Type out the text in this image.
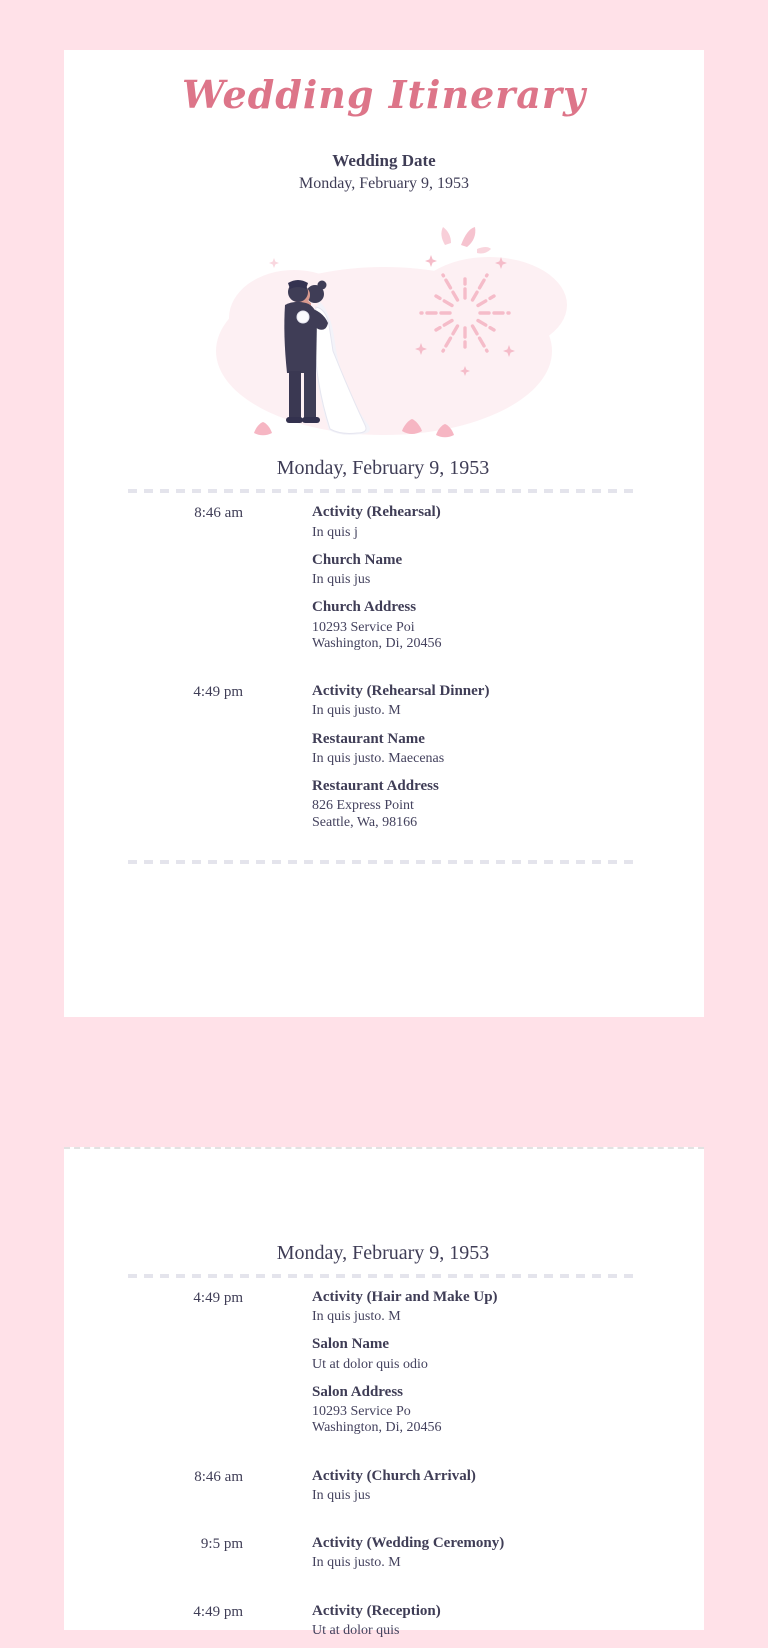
Wedding Itinerary
Wedding Date
Monday, February 9, 1953
Monday, February 9, 1953
8:46 am	Activity (Rehearsal)
In quis j
Church Name
In quis jus
Church Address
10293 Service Poi
Washington, Di, 20456
4:49 pm	Activity (Rehearsal Dinner)
In quis justo. M
Restaurant Name
In quis justo. Maecenas
Restaurant Address
826 Express Point
Seattle, Wa, 98166
Monday, February 9, 1953
4:49 pm	Activity (Hair and Make Up)
In quis justo. M
Salon Name
Ut at dolor quis odio
Salon Address
10293 Service Po
Washington, Di, 20456
8:46 am	Activity (Church Arrival)
In quis jus
9:5 pm	Activity (Wedding Ceremony)
In quis justo. M
4:49 pm	Activity (Reception)
Ut at dolor quis
